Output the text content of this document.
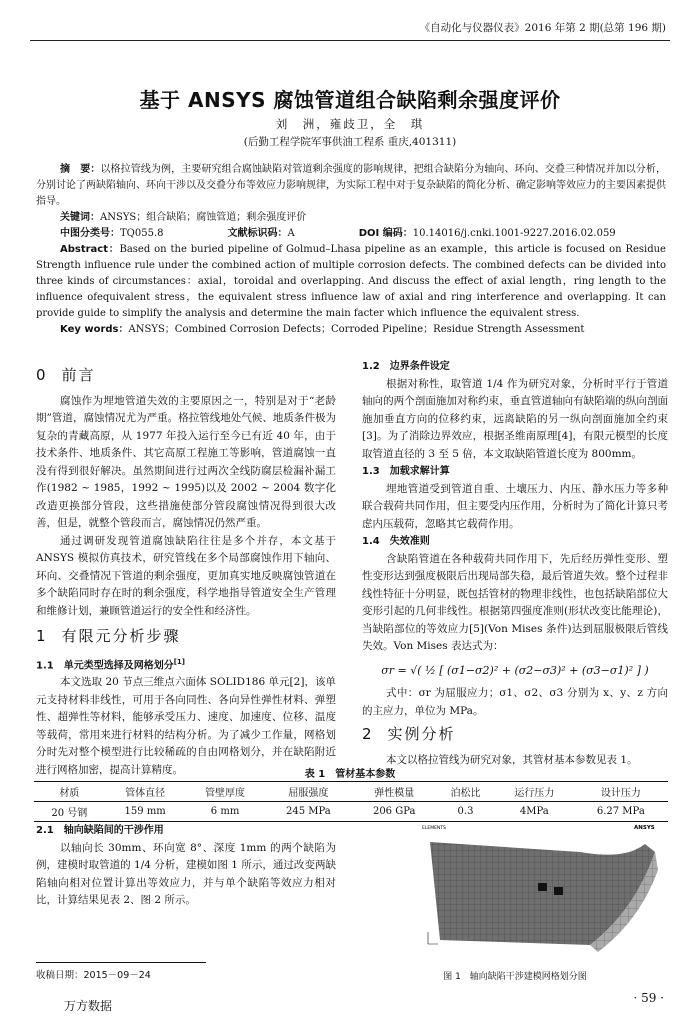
《自动化与仪器仪表》2016 年第 2 期(总第 196 期)
基于 ANSYS 腐蚀管道组合缺陷剩余强度评价
刘　洲，雍歧卫，全　琪
(后勤工程学院军事供油工程系 重庆,401311)

摘　要：以格拉管线为例，主要研究组合腐蚀缺陷对管道剩余强度的影响规律，把组合缺陷分为轴向、环向、交叠三种情况并加以分析，分别讨论了两缺陷轴向、环向干涉以及交叠分布等效应力影响规律，为实际工程中对于复杂缺陷的简化分析、确定影响等效应力的主要因素提供指导。

关键词：ANSYS；组合缺陷；腐蚀管道；剩余强度评价

中图分类号：TQ055.8	文献标识码：A	DOI 编码：10.14016/j.cnki.1001-9227.2016.02.059

Abstract：Based on the buried pipeline of Golmud–Lhasa pipeline as an example，this article is focused on Residue Strength influence rule under the combined action of multiple corrosion defects. The combined defects can be divided into three kinds of circumstances：axial，toroidal and overlapping. And discuss the effect of axial length，ring length to the influence ofequivalent stress，the equivalent stress influence law of axial and ring interference and overlapping. It can provide guide to simplify the analysis and determine the main facter which influence the equivalent stress.

Key words：ANSYS；Combined Corrosion Defects；Corroded Pipeline；Residue Strength Assessment

0 前言

腐蚀作为埋地管道失效的主要原因之一，特别是对于“老龄期”管道，腐蚀情况尤为严重。格拉管线地处气候、地质条件极为复杂的青藏高原，从 1977 年投入运行至今已有近 40 年，由于技术条件、地质条件、其它高原工程施工等影响，管道腐蚀一直没有得到很好解决。虽然期间进行过两次全线防腐层检漏补漏工作(1982 ~ 1985，1992 ~ 1995)以及 2002 ~ 2004 数字化改造更换部分管段，这些措施使部分管段腐蚀情况得到很大改善，但是，就整个管段而言，腐蚀情况仍然严重。

通过调研发现管道腐蚀缺陷往往是多个并存，本文基于 ANSYS 模拟仿真技术，研究管线在多个局部腐蚀作用下轴向、环向、交叠情况下管道的剩余强度，更加真实地反映腐蚀管道在多个缺陷同时存在时的剩余强度，科学地指导管道安全生产管理和维修计划，兼顾管道运行的安全性和经济性。

1 有限元分析步骤
1.1　单元类型选择及网格划分[1]

本文选取 20 节点三维点六面体 SOLID186 单元[2]，该单元支持材料非线性，可用于各向同性、各向异性弹性材料、弹塑性、超弹性等材料，能够承受压力、速度、加速度、位移、温度等载荷，常用来进行材料的结构分析。为了减少工作量，网格划分时先对整个模型进行比较稀疏的自由网格划分，并在缺陷附近进行网格加密，提高计算精度。

1.2　边界条件设定

根据对称性，取管道 1/4 作为研究对象，分析时平行于管道轴向的两个剖面施加对称约束，垂直管道轴向有缺陷端的纵向剖面施加垂直方向的位移约束，远离缺陷的另一纵向剖面施加全约束[3]。为了消除边界效应，根据圣维南原理[4]，有限元模型的长度取管道直径的 3 至 5 倍，本文取缺陷管道长度为 800mm。

1.3　加载求解计算

埋地管道受到管道自重、土壤压力、内压、静水压力等多种联合载荷共同作用，但主要受内压作用，分析时为了简化计算只考虑内压载荷，忽略其它载荷作用。

1.4　失效准则

含缺陷管道在各种载荷共同作用下，先后经历弹性变形、塑性变形达到强度极限后出现局部失稳，最后管道失效。整个过程非线性特征十分明显，既包括管材的物理非线性，也包括缺陷部位大变形引起的几何非线性。根据第四强度准则(形状改变比能理论)，当缺陷部位的等效应力[5](Von Mises 条件)达到屈服极限后管线失效。Von Mises 表达式为：

σr = √( ½ [ (σ1−σ2)² + (σ2−σ3)² + (σ3−σ1)² ] )

式中：σr 为屈服应力；σ1、σ2、σ3 分别为 x、y、z 方向的主应力，单位为 MPa。

2 实例分析

本文以格拉管线为研究对象，其管材基本参数见表 1。

表 1　管材基本参数
材质	管体直径	管壁厚度	屈服强度	弹性模量	泊松比	运行压力	设计压力
20 号钢	159 mm	6 mm	245 MPa	206 GPa	0.3	4MPa	6.27 MPa
2.1　轴向缺陷间的干涉作用

以轴向长 30mm、环向宽 8°、深度 1mm 的两个缺陷为例，建模时取管道的 1/4 分析，建模如图 1 所示，通过改变两缺陷轴向相对位置计算出等效应力，并与单个缺陷等效应力相对比，计算结果见表 2、图 2 所示。

ELEMENTS	ANSYS
图 1　轴向缺陷干涉建模网格划分图
收稿日期：2015－09－24
万方数据
· 59 ·
